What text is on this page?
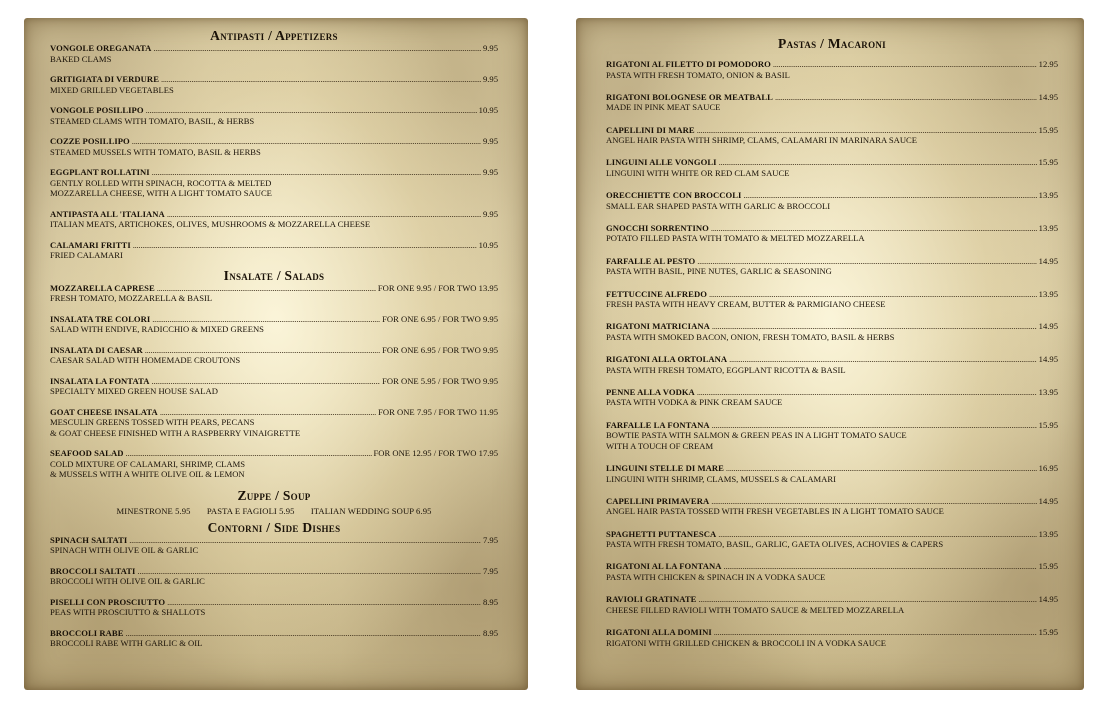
Antipasti / Appetizers
VONGOLE OREGANATA . . .	9.95
BAKED CLAMS
GRITIGIATA DI VERDURE . . .	9.95
MIXED GRILLED VEGETABLES
VONGOLE POSILLIPO . . .	10.95
STEAMED CLAMS WITH TOMATO, BASIL, & HERBS
COZZE POSILLIPO . . .	9.95
STEAMED MUSSELS WITH TOMATO, BASIL & HERBS
EGGPLANT ROLLATINI . . .	9.95
GENTLY ROLLED WITH SPINACH, ROCOTTA & MELTED
MOZZARELLA CHEESE, WITH A LIGHT TOMATO SAUCE
ANTIPASTA ALL 'ITALIANA . . .	9.95
ITALIAN MEATS, ARTICHOKES, OLIVES, MUSHROOMS & MOZZARELLA CHEESE
CALAMARI FRITTI . . .	10.95
FRIED CALAMARI
Insalate / Salads
MOZZARELLA CAPRESE . . .	FOR ONE 9.95 / FOR TWO 13.95
FRESH TOMATO, MOZZARELLA & BASIL
INSALATA TRE COLORI . . .	FOR ONE 6.95 / FOR TWO 9.95
SALAD WITH ENDIVE, RADICCHIO & MIXED GREENS
INSALATA DI CAESAR . . .	FOR ONE 6.95 / FOR TWO 9.95
CAESAR SALAD WITH HOMEMADE CROUTONS
INSALATA LA FONTATA . . .	FOR ONE 5.95 / FOR TWO 9.95
SPECIALTY MIXED GREEN HOUSE SALAD
GOAT CHEESE INSALATA . . .	FOR ONE 7.95 / FOR TWO 11.95
MESCULIN GREENS TOSSED WITH PEARS, PECANS
& GOAT CHEESE FINISHED WITH A RASPBERRY VINAIGRETTE
SEAFOOD SALAD . . .	FOR ONE 12.95 / FOR TWO 17.95
COLD MIXTURE OF CALAMARI, SHRIMP, CLAMS
& MUSSELS WITH A WHITE OLIVE OIL & LEMON
Zuppe / Soup
MINESTRONE 5.95 PASTA E FAGIOLI 5.95 ITALIAN WEDDING SOUP 6.95
Contorni / Side Dishes
SPINACH SALTATI . . .	7.95
SPINACH WITH OLIVE OIL & GARLIC
BROCCOLI SALTATI . . .	7.95
BROCCOLI WITH OLIVE OIL & GARLIC
PISELLI CON PROSCIUTTO . . .	8.95
PEAS WITH PROSCIUTTO & SHALLOTS
BROCCOLI RABE . . .	8.95
BROCCOLI RABE WITH GARLIC & OIL
Pastas / Macaroni
RIGATONI AL FILETTO DI POMODORO . . .	12.95
PASTA WITH FRESH TOMATO, ONION & BASIL
RIGATONI BOLOGNESE OR MEATBALL . . .	14.95
MADE IN PINK MEAT SAUCE
CAPELLINI DI MARE . . .	15.95
ANGEL HAIR PASTA WITH SHRIMP, CLAMS, CALAMARI IN MARINARA SAUCE
LINGUINI ALLE VONGOLI . . .	15.95
LINGUINI WITH WHITE OR RED CLAM SAUCE
ORECCHIETTE CON BROCCOLI . . .	13.95
SMALL EAR SHAPED PASTA WITH GARLIC & BROCCOLI
GNOCCHI SORRENTINO . . .	13.95
POTATO FILLED PASTA WITH TOMATO & MELTED MOZZARELLA
FARFALLE AL PESTO . . .	14.95
PASTA WITH BASIL, PINE NUTES, GARLIC & SEASONING
FETTUCCINE ALFREDO . . .	13.95
FRESH PASTA WITH HEAVY CREAM, BUTTER & PARMIGIANO CHEESE
RIGATONI MATRICIANA . . .	14.95
PASTA WITH SMOKED BACON, ONION, FRESH TOMATO, BASIL & HERBS
RIGATONI ALLA ORTOLANA . . .	14.95
PASTA WITH FRESH TOMATO, EGGPLANT RICOTTA & BASIL
PENNE ALLA VODKA . . .	13.95
PASTA WITH VODKA & PINK CREAM SAUCE
FARFALLE LA FONTANA . . .	15.95
BOWTIE PASTA WITH SALMON & GREEN PEAS IN A LIGHT TOMATO SAUCE
WITH A TOUCH OF CREAM
LINGUINI STELLE DI MARE . . .	16.95
LINGUINI WITH SHRIMP, CLAMS, MUSSELS & CALAMARI
CAPELLINI PRIMAVERA . . .	14.95
ANGEL HAIR PASTA TOSSED WITH FRESH VEGETABLES IN A LIGHT TOMATO SAUCE
SPAGHETTI PUTTANESCA . . .	13.95
PASTA WITH FRESH TOMATO, BASIL, GARLIC, GAETA OLIVES, ACHOVIES & CAPERS
RIGATONI AL LA FONTANA . . .	15.95
PASTA WITH CHICKEN & SPINACH IN A VODKA SAUCE
RAVIOLI GRATINATE . . .	14.95
CHEESE FILLED RAVIOLI WITH TOMATO SAUCE & MELTED MOZZARELLA
RIGATONI ALLA DOMINI . . .	15.95
RIGATONI WITH GRILLED CHICKEN & BROCCOLI IN A VODKA SAUCE
